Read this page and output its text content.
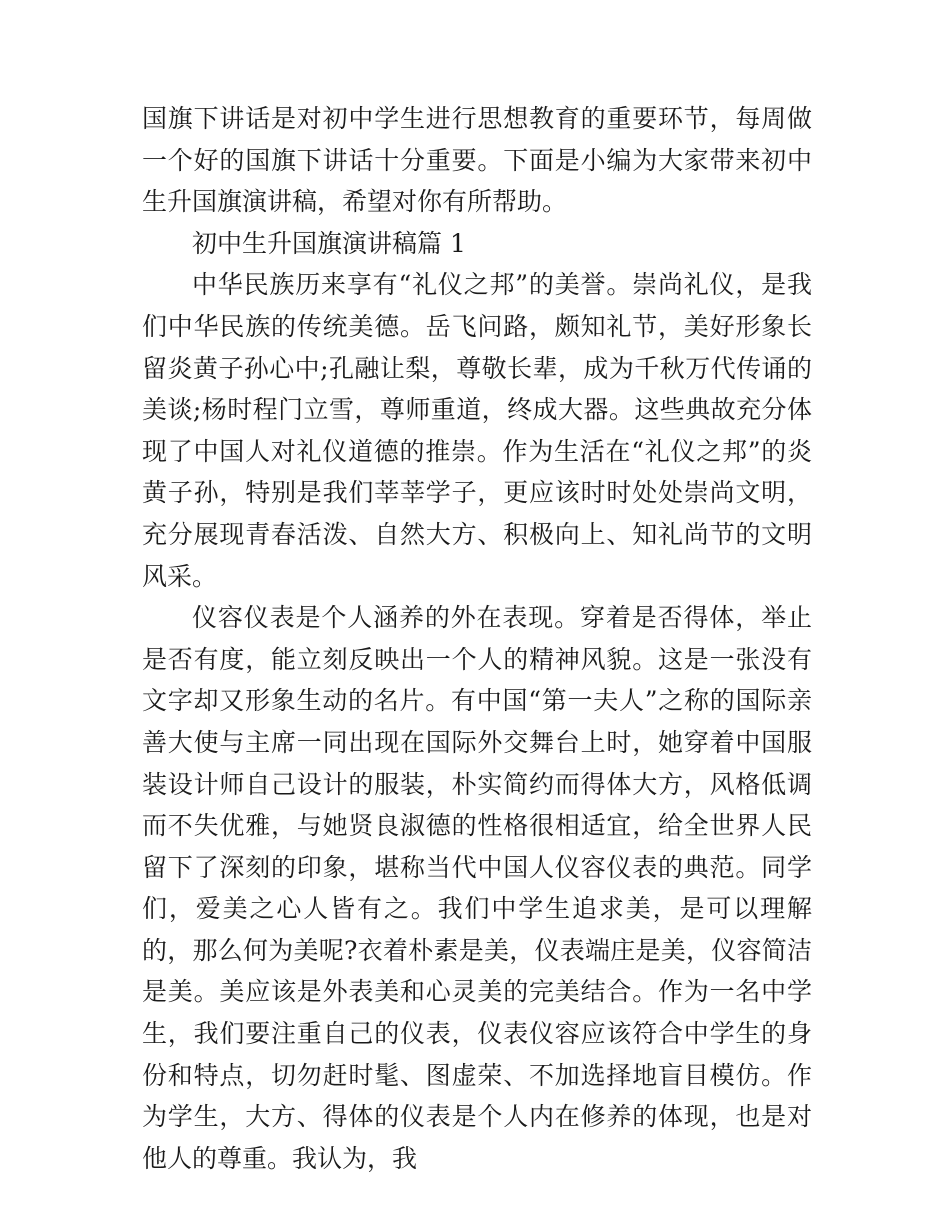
国旗下讲话是对初中学生进行思想教育的重要环节，每周做一个好的国旗下讲话十分重要。下面是小编为大家带来初中生升国旗演讲稿，希望对你有所帮助。

初中生升国旗演讲稿篇 1

中华民族历来享有“礼仪之邦”的美誉。崇尚礼仪，是我们中华民族的传统美德。岳飞问路，颇知礼节，美好形象长留炎黄子孙心中;孔融让梨，尊敬长辈，成为千秋万代传诵的美谈;杨时程门立雪，尊师重道，终成大器。这些典故充分体现了中国人对礼仪道德的推崇。作为生活在“礼仪之邦”的炎黄子孙，特别是我们莘莘学子，更应该时时处处崇尚文明，充分展现青春活泼、自然大方、积极向上、知礼尚节的文明风采。

仪容仪表是个人涵养的外在表现。穿着是否得体，举止是否有度，能立刻反映出一个人的精神风貌。这是一张没有文字却又形象生动的名片。有中国“第一夫人”之称的国际亲善大使与主席一同出现在国际外交舞台上时，她穿着中国服装设计师自己设计的服装，朴实简约而得体大方，风格低调而不失优雅，与她贤良淑德的性格很相适宜，给全世界人民留下了深刻的印象，堪称当代中国人仪容仪表的典范。同学们，爱美之心人皆有之。我们中学生追求美，是可以理解的，那么何为美呢?衣着朴素是美，仪表端庄是美，仪容简洁是美。美应该是外表美和心灵美的完美结合。作为一名中学生，我们要注重自己的仪表，仪表仪容应该符合中学生的身份和特点，切勿赶时髦、图虚荣、不加选择地盲目模仿。作为学生，大方、得体的仪表是个人内在修养的体现，也是对他人的尊重。我认为，我
